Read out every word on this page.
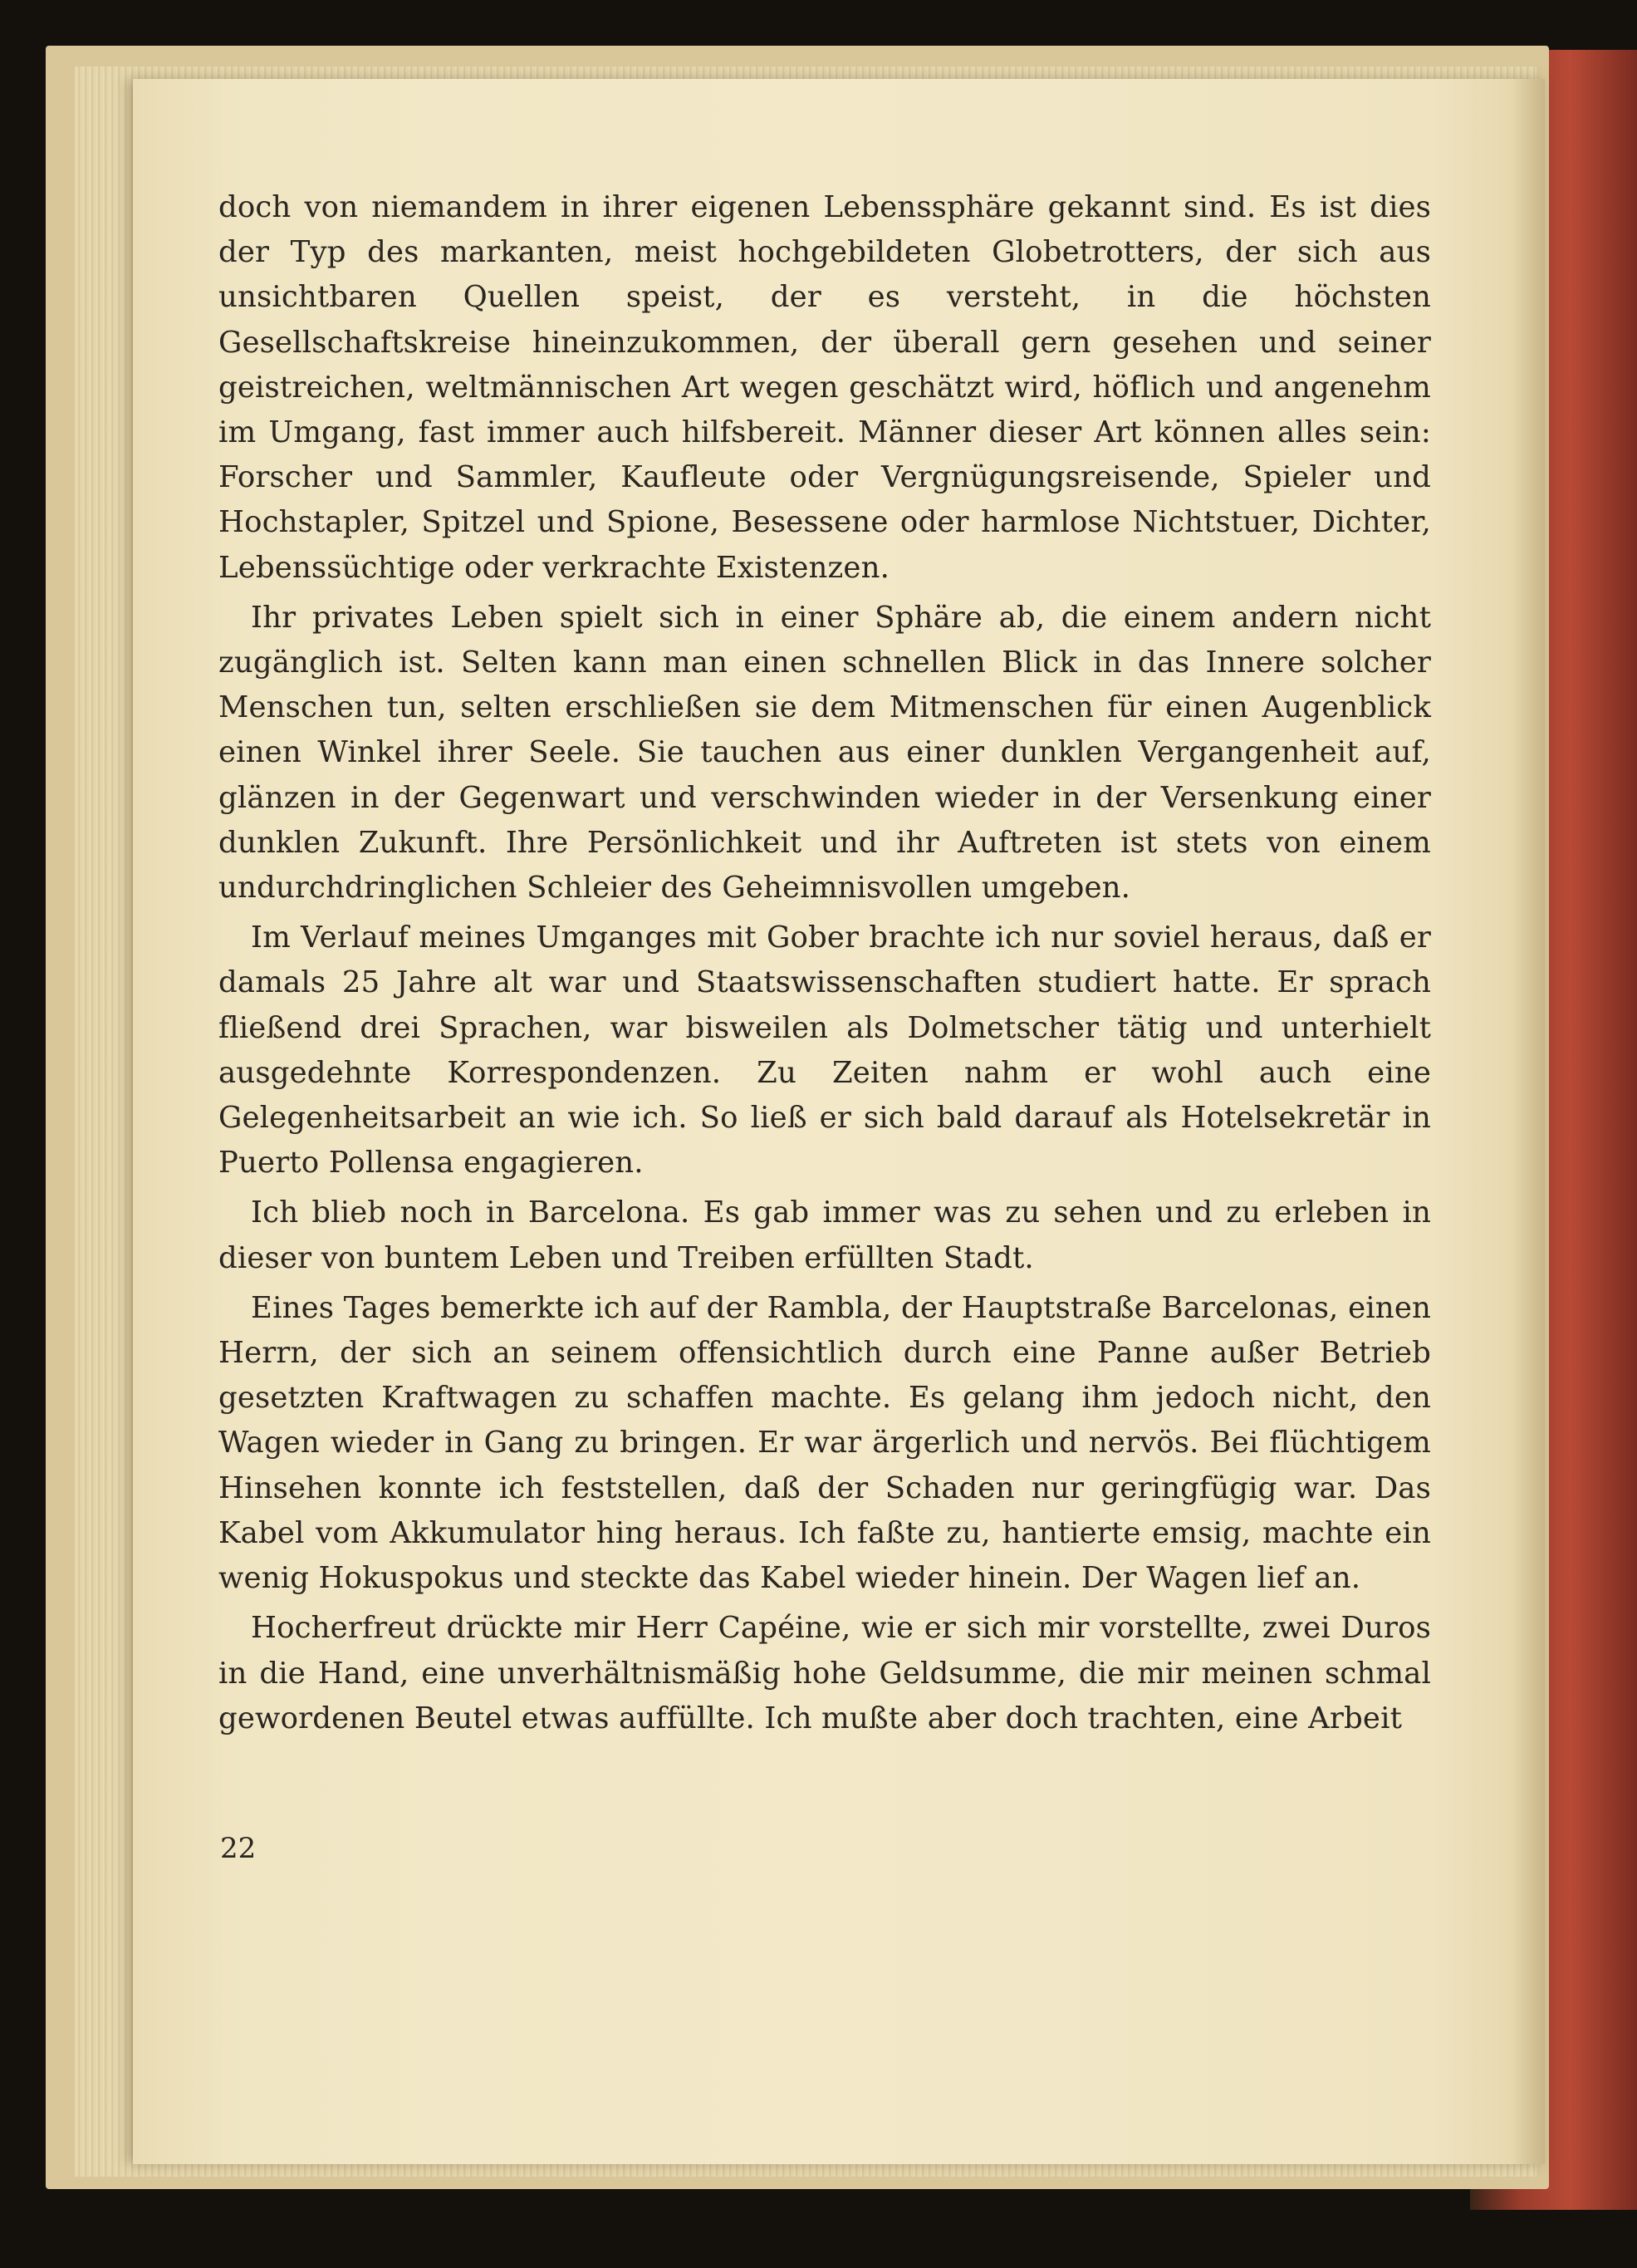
doch von niemandem in ihrer eigenen Lebenssphäre gekannt sind. Es ist dies der Typ des markanten, meist hochgebildeten Globetrotters, der sich aus unsichtbaren Quellen speist, der es versteht, in die höchsten Gesellschaftskreise hineinzukommen, der überall gern gesehen und seiner geistreichen, weltmännischen Art wegen geschätzt wird, höflich und angenehm im Umgang, fast immer auch hilfsbereit. Männer dieser Art können alles sein: Forscher und Sammler, Kaufleute oder Vergnügungsreisende, Spieler und Hochstapler, Spitzel und Spione, Besessene oder harmlose Nichtstuer, Dichter, Lebenssüchtige oder verkrachte Existenzen.

Ihr privates Leben spielt sich in einer Sphäre ab, die einem andern nicht zugänglich ist. Selten kann man einen schnellen Blick in das Innere solcher Menschen tun, selten erschließen sie dem Mitmenschen für einen Augenblick einen Winkel ihrer Seele. Sie tauchen aus einer dunklen Vergangenheit auf, glänzen in der Gegenwart und verschwinden wieder in der Versenkung einer dunklen Zukunft. Ihre Persönlichkeit und ihr Auftreten ist stets von einem undurchdringlichen Schleier des Geheimnisvollen umgeben.

Im Verlauf meines Umganges mit Gober brachte ich nur soviel heraus, daß er damals 25 Jahre alt war und Staatswissenschaften studiert hatte. Er sprach fließend drei Sprachen, war bisweilen als Dolmetscher tätig und unterhielt ausgedehnte Korrespondenzen. Zu Zeiten nahm er wohl auch eine Gelegenheitsarbeit an wie ich. So ließ er sich bald darauf als Hotelsekretär in Puerto Pollensa engagieren.

Ich blieb noch in Barcelona. Es gab immer was zu sehen und zu erleben in dieser von buntem Leben und Treiben erfüllten Stadt.

Eines Tages bemerkte ich auf der Rambla, der Hauptstraße Barcelonas, einen Herrn, der sich an seinem offensichtlich durch eine Panne außer Betrieb gesetzten Kraftwagen zu schaffen machte. Es gelang ihm jedoch nicht, den Wagen wieder in Gang zu bringen. Er war ärgerlich und nervös. Bei flüchtigem Hinsehen konnte ich feststellen, daß der Schaden nur geringfügig war. Das Kabel vom Akkumulator hing heraus. Ich faßte zu, hantierte emsig, machte ein wenig Hokuspokus und steckte das Kabel wieder hinein. Der Wagen lief an.

Hocherfreut drückte mir Herr Capéine, wie er sich mir vorstellte, zwei Duros in die Hand, eine unverhältnismäßig hohe Geldsumme, die mir meinen schmal gewordenen Beutel etwas auffüllte. Ich mußte aber doch trachten, eine Arbeit

22
